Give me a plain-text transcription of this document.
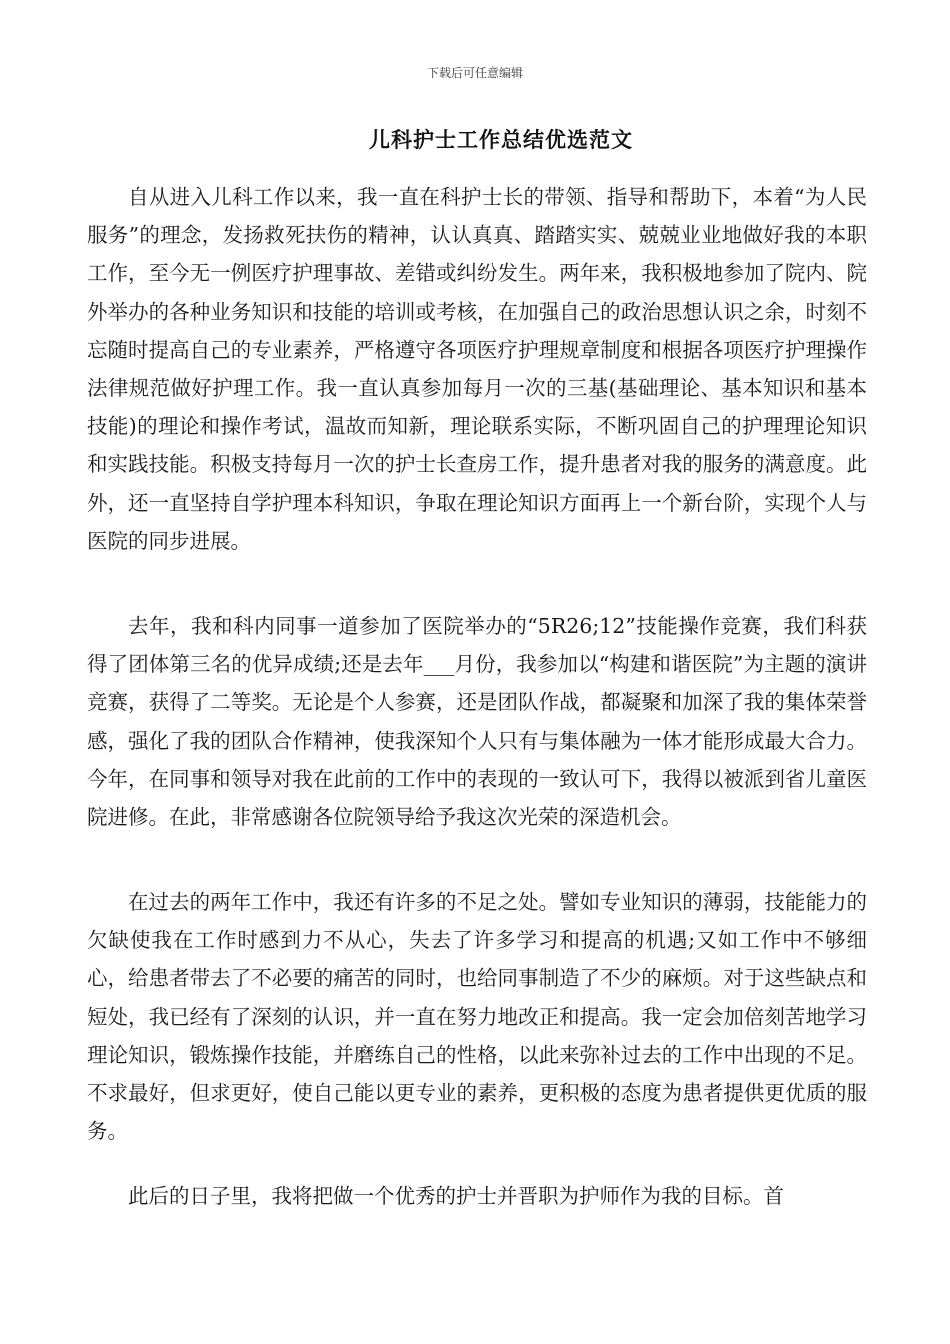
下载后可任意编辑
儿科护士工作总结优选范文

自从进入儿科工作以来，我一直在科护士长的带领、指导和帮助下，本着“为人民服务”的理念，发扬救死扶伤的精神，认认真真、踏踏实实、兢兢业业地做好我的本职工作，至今无一例医疗护理事故、差错或纠纷发生。两年来，我积极地参加了院内、院外举办的各种业务知识和技能的培训或考核，在加强自己的政治思想认识之余，时刻不忘随时提高自己的专业素养，严格遵守各项医疗护理规章制度和根据各项医疗护理操作法律规范做好护理工作。我一直认真参加每月一次的三基(基础理论、基本知识和基本技能)的理论和操作考试，温故而知新，理论联系实际，不断巩固自己的护理理论知识和实践技能。积极支持每月一次的护士长查房工作，提升患者对我的服务的满意度。此外，还一直坚持自学护理本科知识，争取在理论知识方面再上一个新台阶，实现个人与医院的同步进展。

去年，我和科内同事一道参加了医院举办的“5R26;12”技能操作竞赛，我们科获得了团体第三名的优异成绩;还是去年___月份，我参加以“构建和谐医院”为主题的演讲竞赛，获得了二等奖。无论是个人参赛，还是团队作战，都凝聚和加深了我的集体荣誉感，强化了我的团队合作精神，使我深知个人只有与集体融为一体才能形成最大合力。今年，在同事和领导对我在此前的工作中的表现的一致认可下，我得以被派到省儿童医院进修。在此，非常感谢各位院领导给予我这次光荣的深造机会。

在过去的两年工作中，我还有许多的不足之处。譬如专业知识的薄弱，技能能力的欠缺使我在工作时感到力不从心，失去了许多学习和提高的机遇;又如工作中不够细心，给患者带去了不必要的痛苦的同时，也给同事制造了不少的麻烦。对于这些缺点和短处，我已经有了深刻的认识，并一直在努力地改正和提高。我一定会加倍刻苦地学习理论知识，锻炼操作技能，并磨练自己的性格，以此来弥补过去的工作中出现的不足。不求最好，但求更好，使自己能以更专业的素养，更积极的态度为患者提供更优质的服务。

此后的日子里，我将把做一个优秀的护士并晋职为护师作为我的目标。首
